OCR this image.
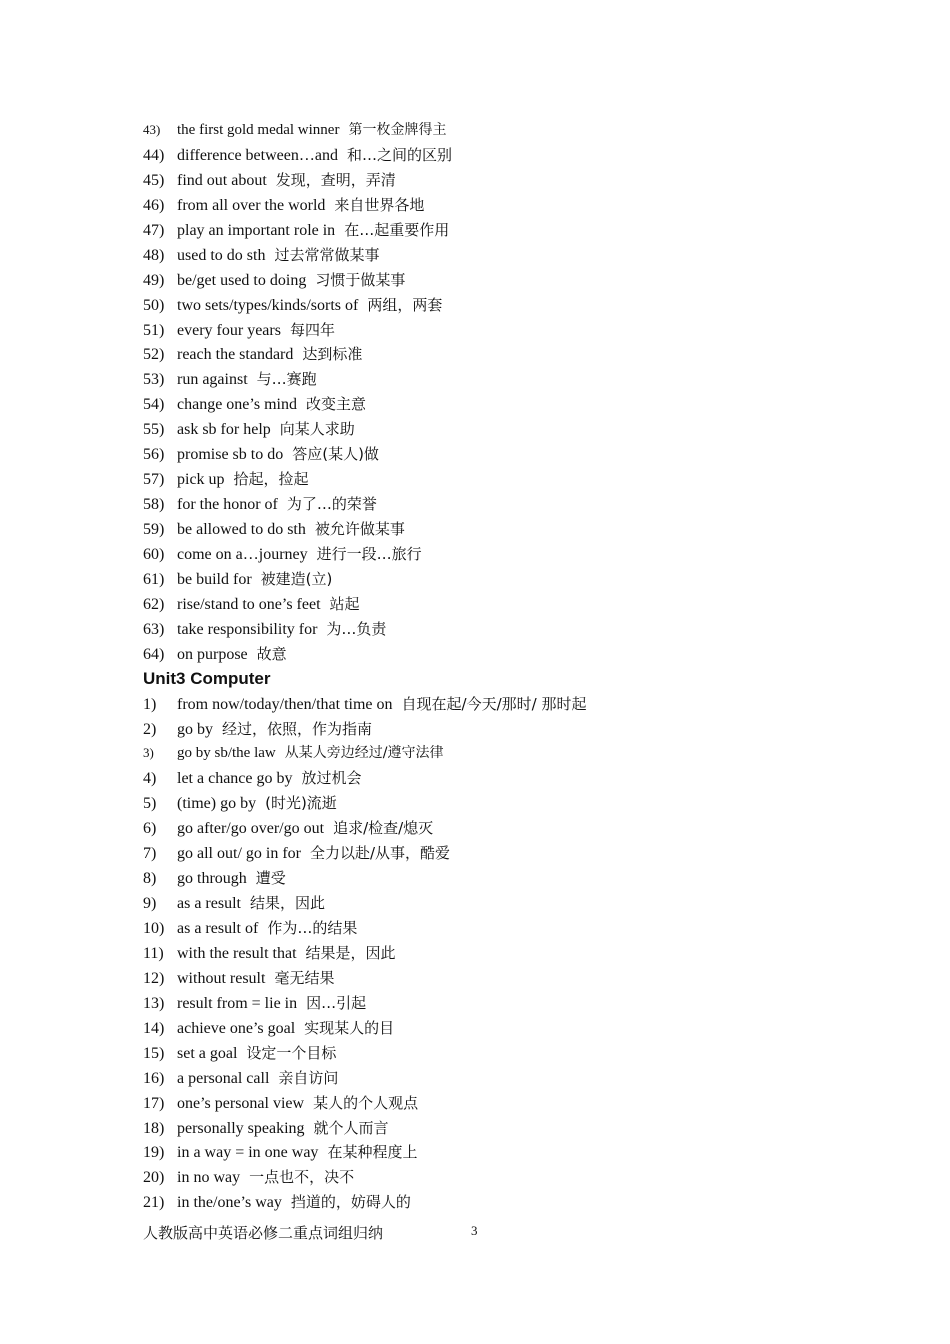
43) the first gold medal winner 第一枚金牌得主
44) difference between…and 和…之间的区别
45) find out about 发现，查明，弄清
46) from all over the world 来自世界各地
47) play an important role in 在…起重要作用
48) used to do sth 过去常常做某事
49) be/get used to doing 习惯于做某事
50) two sets/types/kinds/sorts of 两组，两套
51) every four years 每四年
52) reach the standard 达到标准
53) run against 与…赛跑
54) change one’s mind 改变主意
55) ask sb for help 向某人求助
56) promise sb to do 答应(某人)做
57) pick up 拾起，捡起
58) for the honor of 为了…的荣誉
59) be allowed to do sth 被允许做某事
60) come on a…journey 进行一段…旅行
61) be build for 被建造(立)
62) rise/stand to one’s feet 站起
63) take responsibility for 为…负责
64) on purpose 故意
Unit3 Computer
1) from now/today/then/that time on 自现在起/今天/那时/ 那时起
2) go by 经过，依照，作为指南
3) go by sb/the law 从某人旁边经过/遵守法律
4) let a chance go by 放过机会
5) (time) go by (时光)流逝
6) go after/go over/go out 追求/检查/熄灭
7) go all out/ go in for 全力以赴/从事，酷爱
8) go through 遭受
9) as a result 结果，因此
10) as a result of 作为…的结果
11) with the result that 结果是，因此
12) without result 毫无结果
13) result from = lie in 因…引起
14) achieve one’s goal 实现某人的目
15) set a goal 设定一个目标
16) a personal call 亲自访问
17) one’s personal view 某人的个人观点
18) personally speaking 就个人而言
19) in a way = in one way 在某种程度上
20) in no way 一点也不，决不
21) in the/one’s way 挡道的，妨碍人的
人教版高中英语必修二重点词组归纳	3
